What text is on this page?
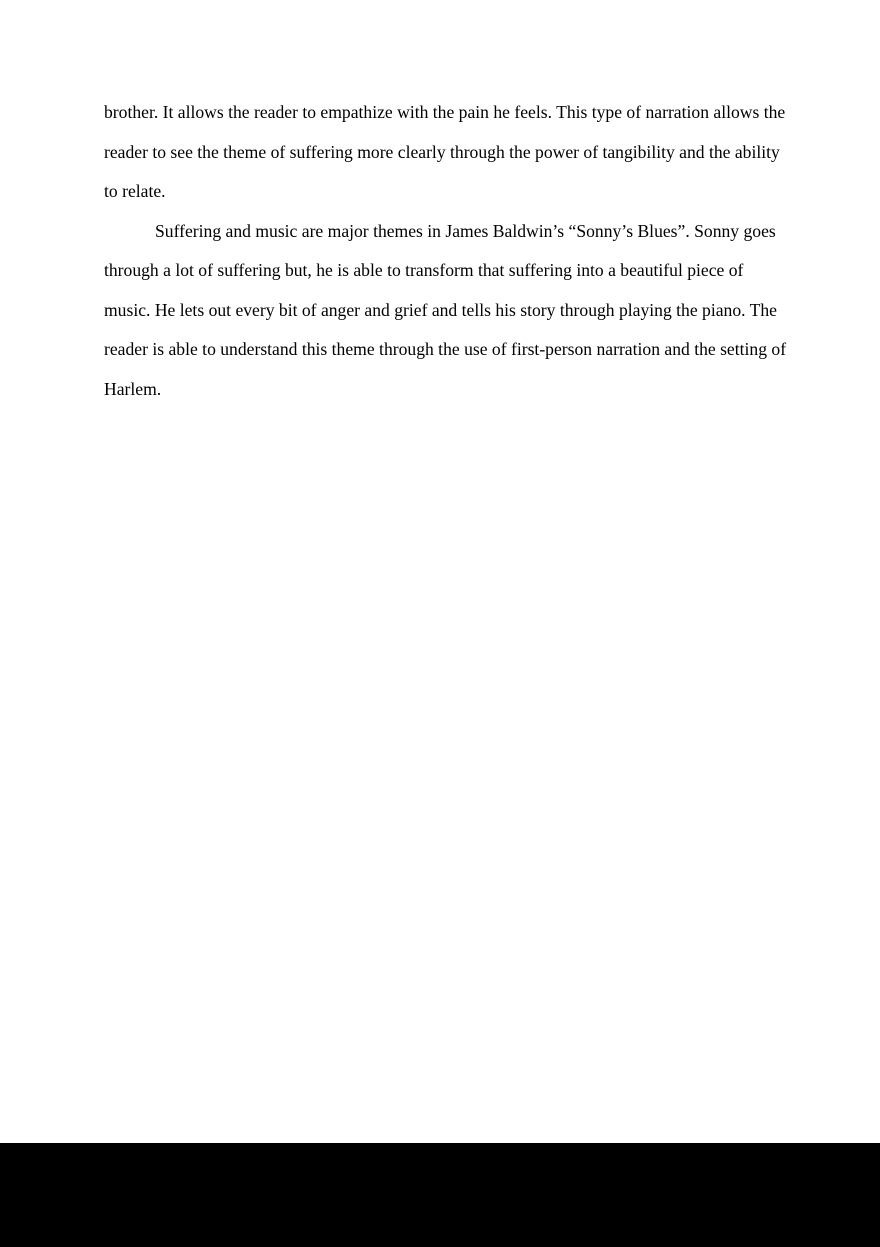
brother. It allows the reader to empathize with the pain he feels. This type of narration allows the
reader to see the theme of suffering more clearly through the power of tangibility and the ability
to relate.
Suffering and music are major themes in James Baldwin’s “Sonny’s Blues”. Sonny goes
through a lot of suffering but, he is able to transform that suffering into a beautiful piece of
music. He lets out every bit of anger and grief and tells his story through playing the piano. The
reader is able to understand this theme through the use of first-person narration and the setting of
Harlem.
